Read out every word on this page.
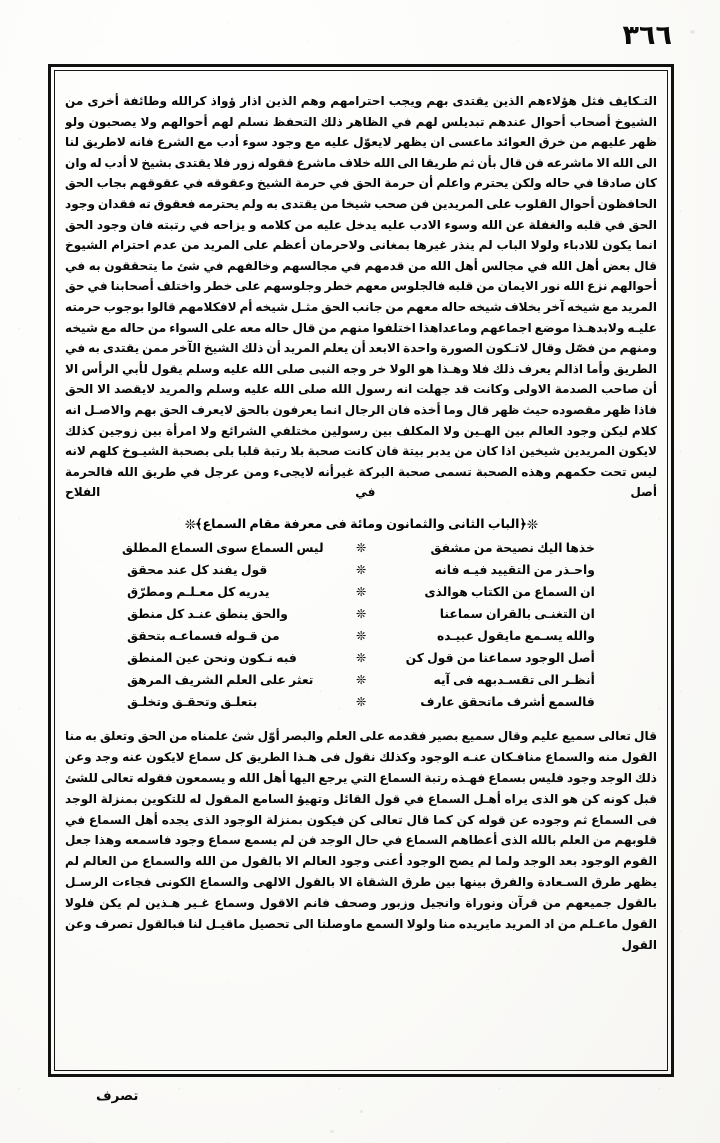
٣٦٦

التـكايف فثل هؤلاءهم الذين يقتدى بهم ويجب احترامهم وهم الذين اذار ؤواذ كرالله وطائفة أخرى من الشيوخ أصحاب أحوال عندهم تبديلس لهم في الظاهر ذلك التحفظ نسلم لهم أحوالهم ولا يصحبون ولو ظهر عليهم من خرق العوائد ماعسى ان يظهر لايعوّل عليه مع وجود سوء أدب مع الشرع فانه لاطريق لنا الى الله الا ماشرعه فن قال بأن ثم طريقا الى الله خلاف ماشرع فقوله زور فلا يقتدى بشيخ لا أدب له وان كان صادقا في حاله ولكن يحترم واعلم أن حرمة الحق في حرمة الشيخ وعقوقه في عقوقهم بجاب الحق الحافظون أحوال القلوب على المريدين فن صحب شيخا من يقتدى به ولم يحترمه فعقوق ته فقدان وجود الحق في قلبه والغفلة عن الله وسوء الادب عليه يدخل عليه من كلامه و يزاحه في رتبته فان وجود الحق انما يكون للادباء ولولا الباب لم ينذر غيرها بمغانى ولاحرمان أعظم على المريد من عدم احترام الشيوخ قال بعض أهل الله في مجالس أهل الله من قدمهم في مجالسهم وخالفهم في شئ ما يتحققون به في أحوالهم نزع الله نور الايمان من قلبه فالجلوس معهم خطر وجلوسهم على خطر واختلف أصحابنا في حق المريد مع شيخه آخر بخلاف شيخه حاله معهم من جانب الحق مثـل شيخه أم لافكلامهم قالوا بوجوب حرمته عليـه ولابدهـذا موضع اجماعهم وماعداهذا اختلفوا منهم من قال حاله معه على السواء من حاله مع شيخه ومنهم من فصّل وقال لاتـكون الصورة واحدة الابعد أن يعلم المريد أن ذلك الشيخ الآخر ممن يقتدى به في الطريق وأما اذالم يعرف ذلك فلا وهـذا هو الولا خر وجه النبى صلى الله عليه وسلم يقول لأبي الرأس الا أن صاحب الصدمة الاولى وكانت قد جهلت انه رسول الله صلى الله عليه وسلم والمريد لايقصد الا الحق فاذا ظهر مقصوده حيث ظهر قال وما أخذه فان الرجال انما يعرفون بالحق لايعرف الحق بهم والاصـل انه كلام ليكن وجود العالم بين الهـين ولا المكلف بين رسولين مختلفي الشرائع ولا امرأة بين زوجين كذلك لايكون المريدين شيخين اذا كان من يدبر بيتة فان كانت صحبة بلا رتبة قلبا بلى بصحبة الشيـوخ كلهم لانه ليس تحت حكمهم وهذه الصحبة تسمى صحبة البركة غيرأنه لايجىء ومن عرجل في طريق الله فالحرمة أصل في الفلاح

❊﴿الباب الثانى والثمانون ومائة فى معرفة مقام السماع﴾❊
	خذها اليك نصيحة من مشفق	❊	ليس السماع سوى السماع المطلق	
	واحـذر من التقييد فيـه فانه	❊	قول يفند كل عند محقق	
	ان السماع من الكتاب هوالذى	❊	يدريه كل معـلـم ومطرّق	
	ان التغنـى بالقران سماعنا	❊	والحق ينطق عنـد كل منطق	
	والله يسـمع مايقول عبيـده	❊	من قـوله فسماعـه بتحقق	
	أصل الوجود سماعنا من قول كن	❊	فبه نـكون ونحن عين المنطق	
	أنظـر الى تقسـدبهه فى آيه	❊	تعثر على العلم الشريف المرهق	
	فالسمع أشرف ماتحقق عارف	❊	بتعلـق وتحقـق وتخلـق	

قال تعالى سميع عليم وقال سميع بصير فقدمه على العلم والبصر أوّل شئ علمناه من الحق وتعلق به منا القول منه والسماع منافـكان عنـه الوجود وكذلك نقول فى هـذا الطريق كل سماع لايكون عنه وجد وعن ذلك الوجد وجود فليس بسماع فهـذه رتبة السماع التي يرجع اليها أهل الله و يسمعون فقوله تعالى للشئ قبل كونه كن هو الذى يراه أهـل السماع في قول القائل وتهيؤ السامع المقول له للتكوين بمنزلة الوجد فى السماع ثم وجوده عن قوله كن كما قال تعالى كن فيكون بمنزلة الوجود الذى يجده أهل السماع في قلوبهم من العلم بالله الذى أعطاهم السماع في حال الوجد فن لم يسمع سماع وجود فاسمعه وهذا جعل القوم الوجود بعد الوجد ولما لم يصح الوجود أعنى وجود العالم الا بالقول من الله والسماع من العالم لم يظهر طرق السـعادة والفرق بينها بين طرق الشقاة الا بالقول الالهى والسماع الكونى فجاءت الرسـل بالقول جميعهم من قرآن ونوراة وانجيل وزبور وصحف فانم الاقول وسماع غـير هـذين لم يكن فلولا القول ماعـلم من اد المريد مايريده منا ولولا السمع ماوصلنا الى تحصيل ماقيـل لنا فبالقول تصرف وعن القول

تصرف
